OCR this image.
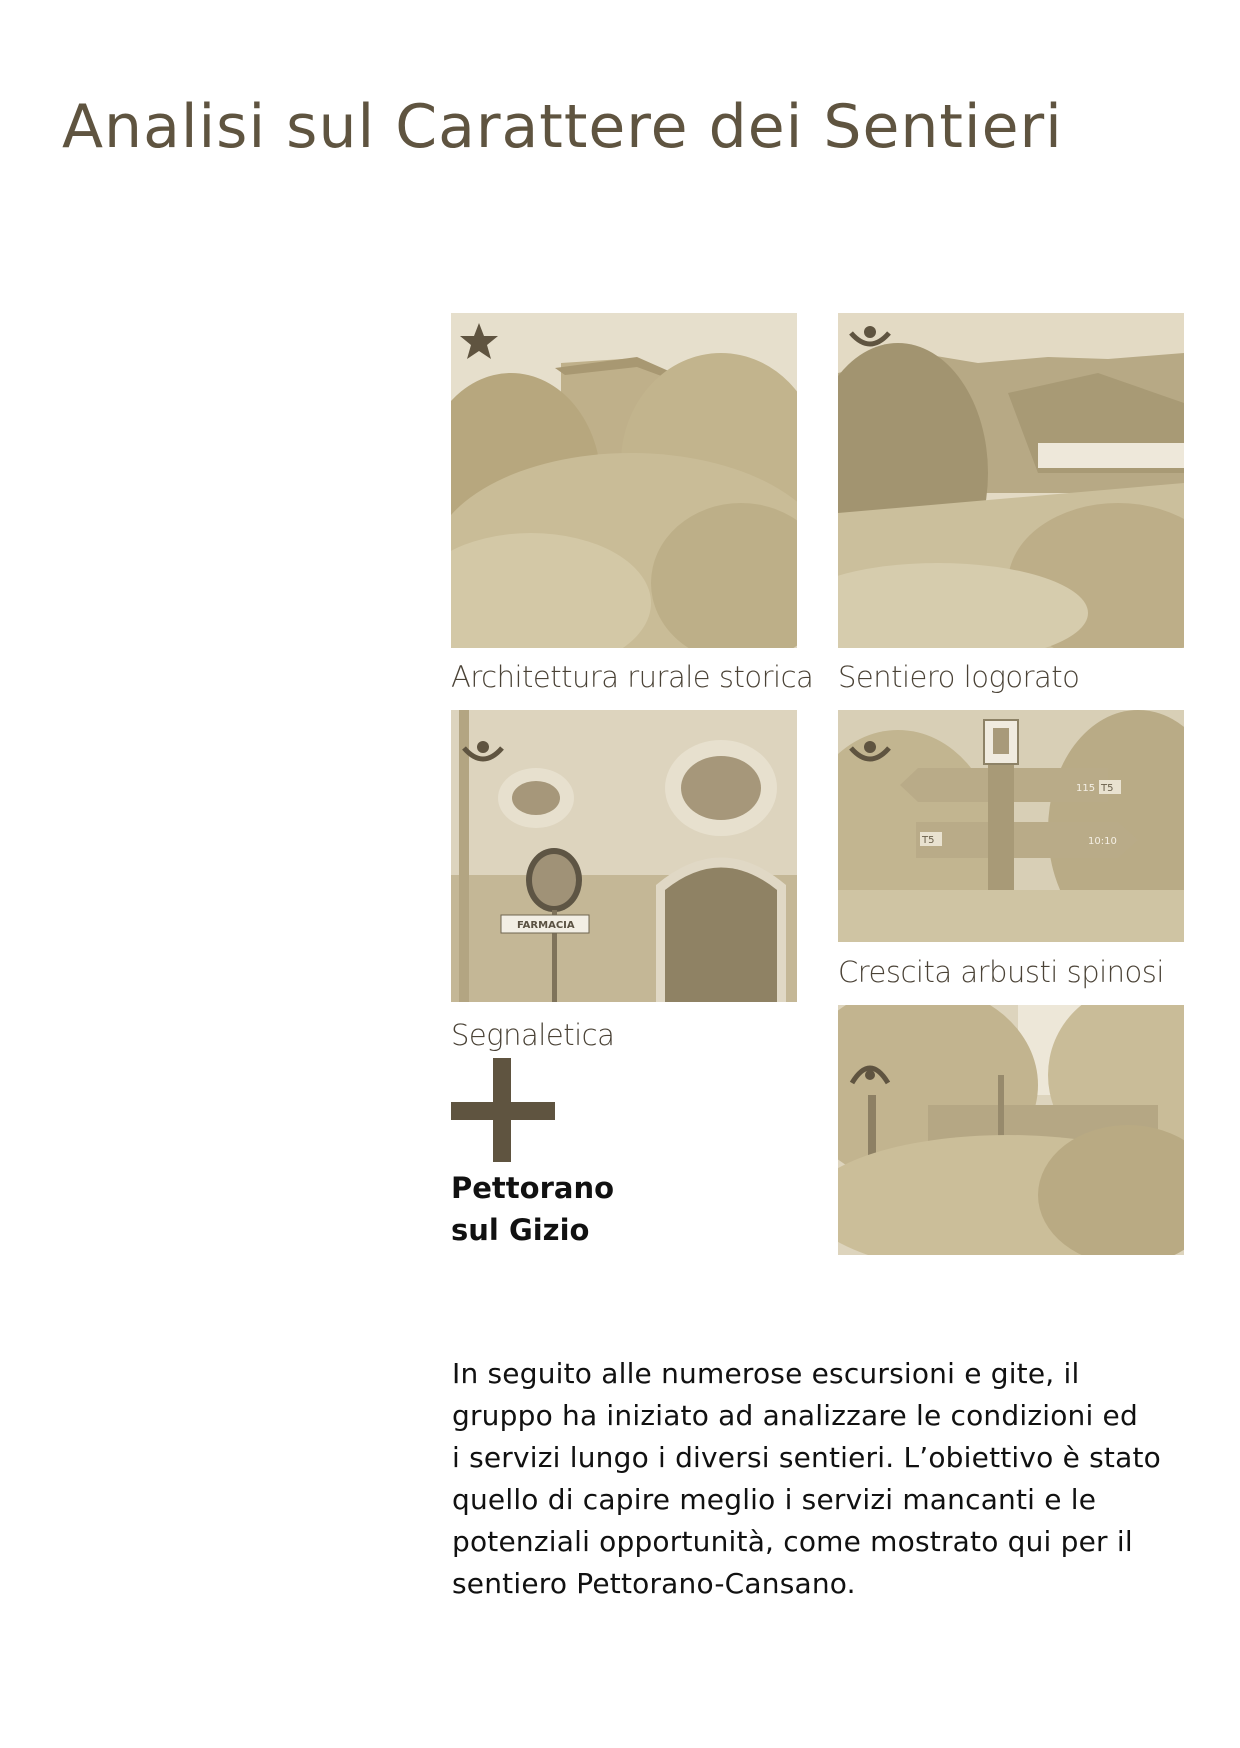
Analisi sul Carattere dei Sentieri
Architettura rurale storica Sentiero logorato
FARMACIA
Segnaletica
115 T5
T5	10:10
Crescita arbusti spinosi
Pettorano
sul Gizio
In seguito alle numerose escursioni e gite, il
gruppo ha iniziato ad analizzare le condizioni ed
i servizi lungo i diversi sentieri. L’obiettivo è stato
quello di capire meglio i servizi mancanti e le
potenziali opportunità, come mostrato qui per il
sentiero Pettorano-Cansano.
